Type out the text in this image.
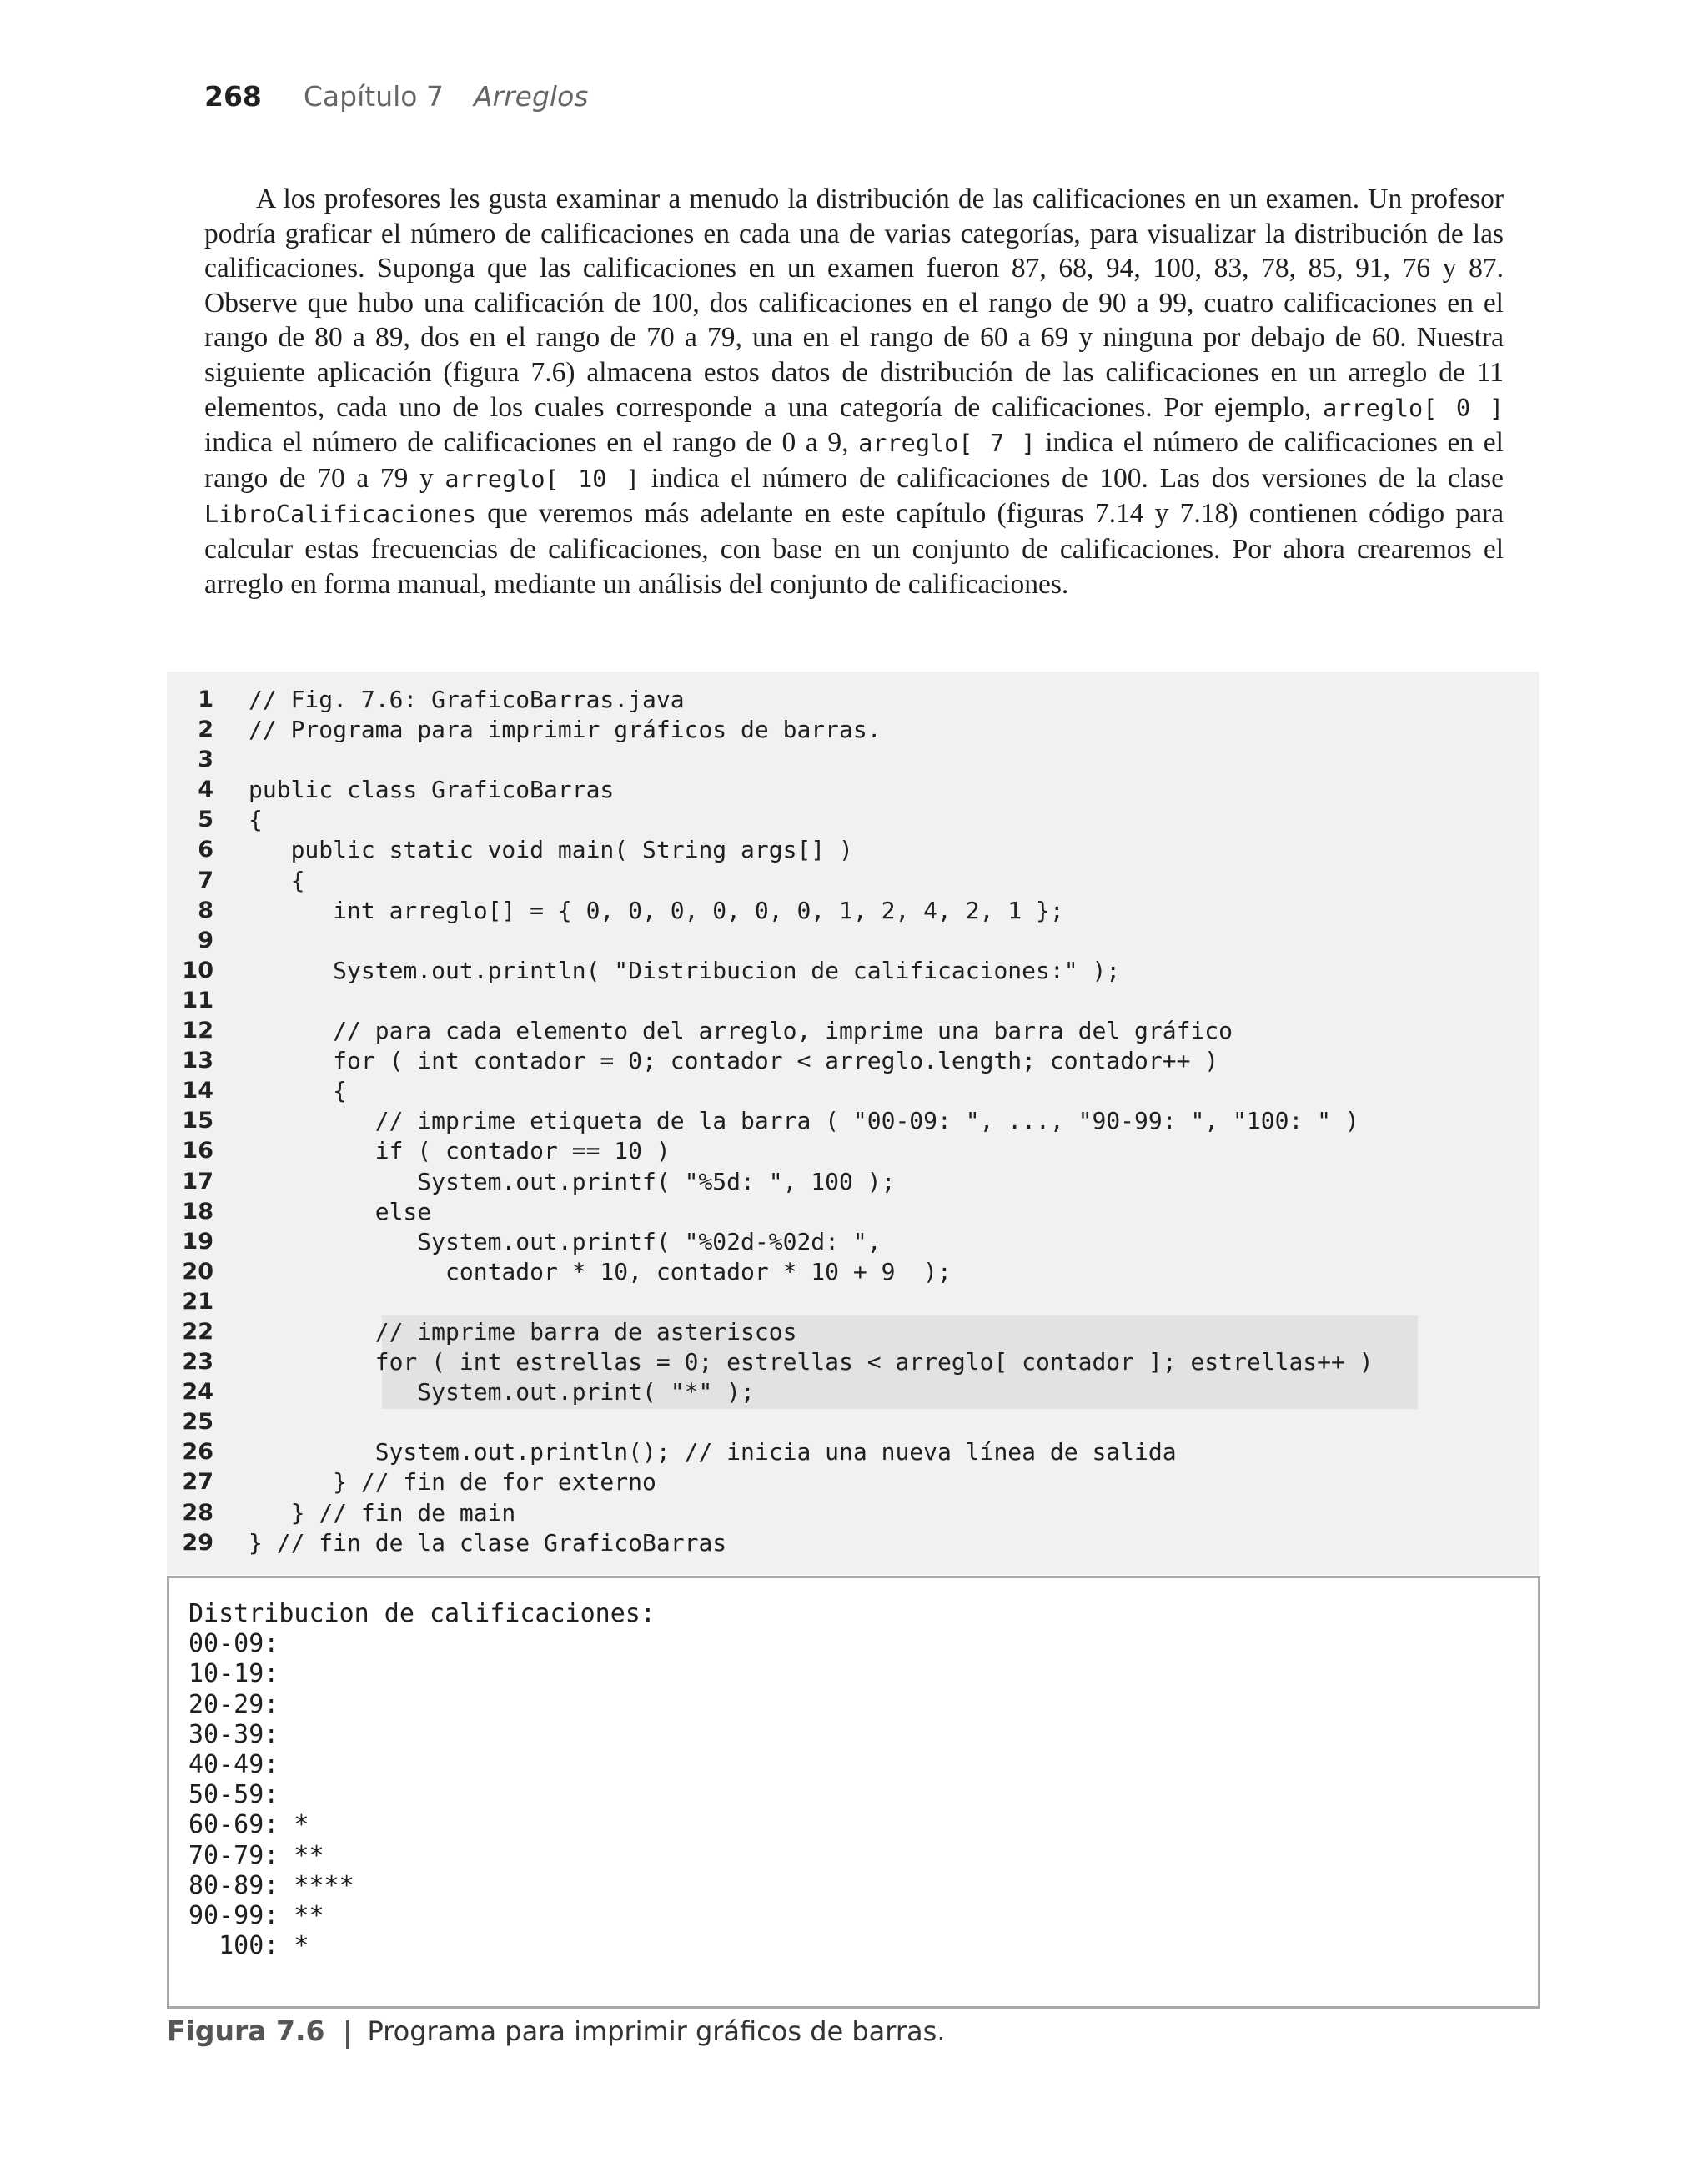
268 Capítulo 7 Arreglos

A los profesores les gusta examinar a menudo la distribución de las calificaciones en un examen. Un profesor podría graficar el número de calificaciones en cada una de varias categorías, para visualizar la distribución de las calificaciones. Suponga que las calificaciones en un examen fueron 87, 68, 94, 100, 83, 78, 85, 91, 76 y 87. Observe que hubo una calificación de 100, dos calificaciones en el rango de 90 a 99, cuatro calificaciones en el rango de 80 a 89, dos en el rango de 70 a 79, una en el rango de 60 a 69 y ninguna por debajo de 60. Nuestra siguiente aplicación (figura 7.6) almacena estos datos de distribución de las calificaciones en un arreglo de 11 elementos, cada uno de los cuales corresponde a una categoría de calificaciones. Por ejemplo, arreglo[ 0 ] indica el número de calificaciones en el rango de 0 a 9, arreglo[ 7 ] indica el número de calificaciones en el rango de 70 a 79 y arreglo[ 10 ] indica el número de calificaciones de 100. Las dos versiones de la clase LibroCalificaciones que veremos más adelante en este capítulo (figuras 7.14 y 7.18) contienen código para calcular estas frecuencias de calificaciones, con base en un conjunto de calificaciones. Por ahora crearemos el arreglo en forma manual, mediante un análisis del conjunto de calificaciones.

1 // Fig. 7.6: GraficoBarras.java
2 // Programa para imprimir gráficos de barras.
3
4 public class GraficoBarras
5 {
6 public static void main( String args[] )
7 {
8 int arreglo[] = { 0, 0, 0, 0, 0, 0, 1, 2, 4, 2, 1 };
9
10 System.out.println( "Distribucion de calificaciones:" );
11
12 // para cada elemento del arreglo, imprime una barra del gráfico
13 for ( int contador = 0; contador < arreglo.length; contador++ )
14 {
15 // imprime etiqueta de la barra ( "00-09: ", ..., "90-99: ", "100: " )
16 if ( contador == 10 )
17 System.out.printf( "%5d: ", 100 );
18 else
19 System.out.printf( "%02d-%02d: ",
20 contador * 10, contador * 10 + 9  );
21
22 // imprime barra de asteriscos
23 for ( int estrellas = 0; estrellas < arreglo[ contador ]; estrellas++ )
24 System.out.print( "*" );
25
26 System.out.println(); // inicia una nueva línea de salida
27 } // fin de for externo
28 } // fin de main
29 } // fin de la clase GraficoBarras
Distribucion de calificaciones:
00-09:
10-19:
20-29:
30-39:
40-49:
50-59:
60-69: *
70-79: **
80-89: ****
90-99: **
100: *
Figura 7.6 Programa para imprimir gráficos de barras.
